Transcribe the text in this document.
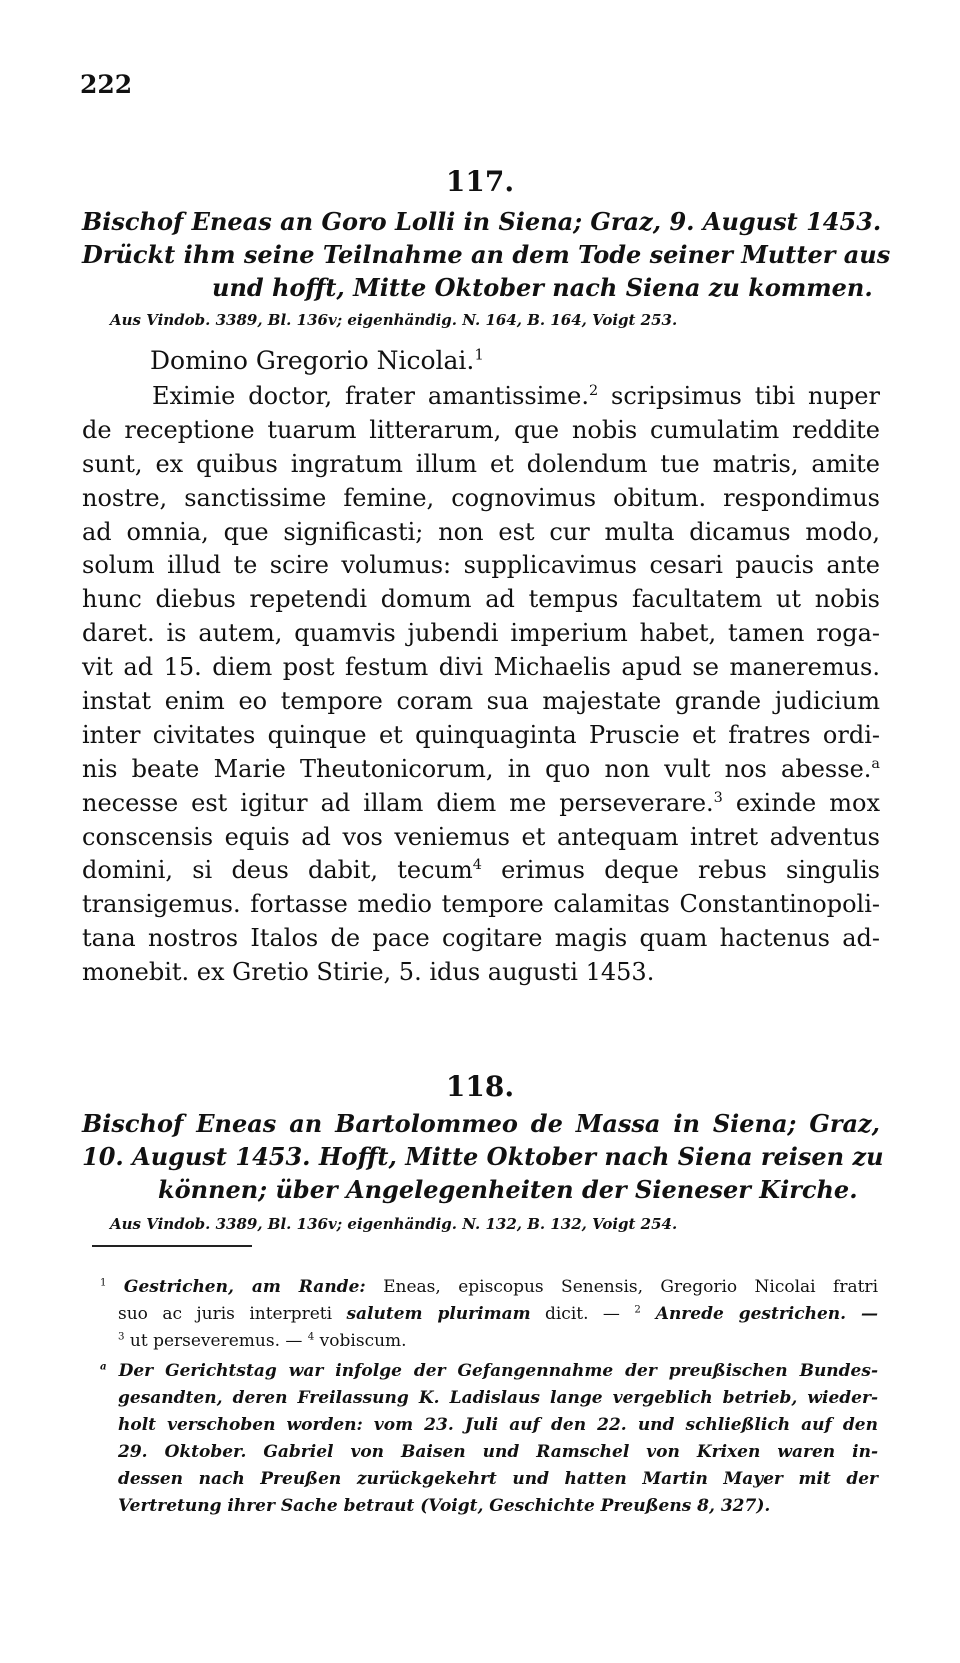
222
117.
Bischof Eneas an Goro Lolli in Siena; Graz, 9. August 1453.
Drückt ihm seine Teilnahme an dem Tode seiner Mutter aus
und hofft, Mitte Oktober nach Siena zu kommen.
Aus Vindob. 3389, Bl. 136v; eigenhändig. N. 164, B. 164, Voigt 253.
Domino Gregorio Nicolai.$^1$
Eximie doctor, frater amantissime.$^2$ scripsimus tibi nuper
de receptione tuarum litterarum, que nobis cumulatim reddite
sunt, ex quibus ingratum illum et dolendum tue matris, amite
nostre, sanctissime femine, cognovimus obitum. respondimus
ad omnia, que significasti; non est cur multa dicamus modo,
solum illud te scire volumus: supplicavimus cesari paucis ante
hunc diebus repetendi domum ad tempus facultatem ut nobis
daret. is autem, quamvis jubendi imperium habet, tamen roga-
vit ad 15. diem post festum divi Michaelis apud se maneremus.
instat enim eo tempore coram sua majestate grande judicium
inter civitates quinque et quinquaginta Pruscie et fratres ordi-
nis beate Marie Theutonicorum, in quo non vult nos abesse.$^a$
necesse est igitur ad illam diem me perseverare.$^3$ exinde mox
conscensis equis ad vos veniemus et antequam intret adventus
domini, si deus dabit, tecum$^4$ erimus deque rebus singulis
transigemus. fortasse medio tempore calamitas Constantinopoli-
tana nostros Italos de pace cogitare magis quam hactenus ad-
monebit. ex Gretio Stirie, 5. idus augusti 1453.
118.
Bischof Eneas an Bartolommeo de Massa in Siena; Graz,
10. August 1453. Hofft, Mitte Oktober nach Siena reisen zu
können; über Angelegenheiten der Sieneser Kirche.
Aus Vindob. 3389, Bl. 136v; eigenhändig. N. 132, B. 132, Voigt 254.
$^1$ Gestrichen, am Rande: Eneas, episcopus Senensis, Gregorio Nicolai fratri
suo ac juris interpreti salutem plurimam dicit. — $^2$ Anrede gestrichen. —
$^3$ ut perseveremus. — $^4$ vobiscum.
$^a$ Der Gerichtstag war infolge der Gefangennahme der preußischen Bundes-
gesandten, deren Freilassung K. Ladislaus lange vergeblich betrieb, wieder-
holt verschoben worden: vom 23. Juli auf den 22. und schließlich auf den
29. Oktober. Gabriel von Baisen und Ramschel von Krixen waren in-
dessen nach Preußen zurückgekehrt und hatten Martin Mayer mit der
Vertretung ihrer Sache betraut (Voigt, Geschichte Preußens 8, 327).
